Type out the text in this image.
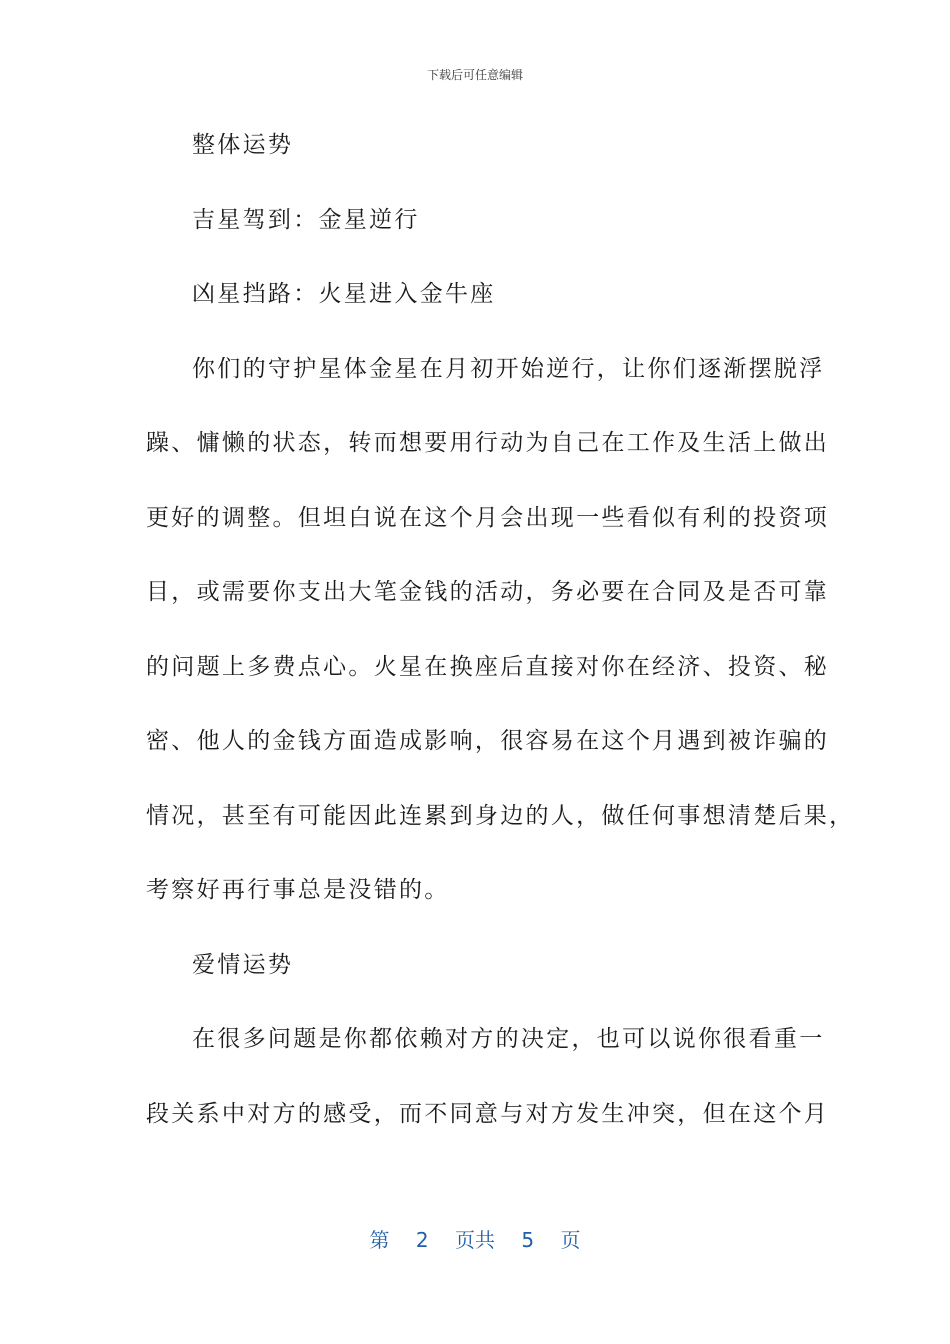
下载后可任意编辑
整体运势
吉星驾到：金星逆行
凶星挡路：火星进入金牛座
你们的守护星体金星在月初开始逆行，让你们逐渐摆脱浮
躁、慵懒的状态，转而想要用行动为自己在工作及生活上做出
更好的调整。但坦白说在这个月会出现一些看似有利的投资项
目，或需要你支出大笔金钱的活动，务必要在合同及是否可靠
的问题上多费点心。火星在换座后直接对你在经济、投资、秘
密、他人的金钱方面造成影响，很容易在这个月遇到被诈骗的
情况，甚至有可能因此连累到身边的人，做任何事想清楚后果，
考察好再行事总是没错的。
爱情运势
在很多问题是你都依赖对方的决定，也可以说你很看重一
段关系中对方的感受，而不同意与对方发生冲突，但在这个月
第 2 页共 5 页
